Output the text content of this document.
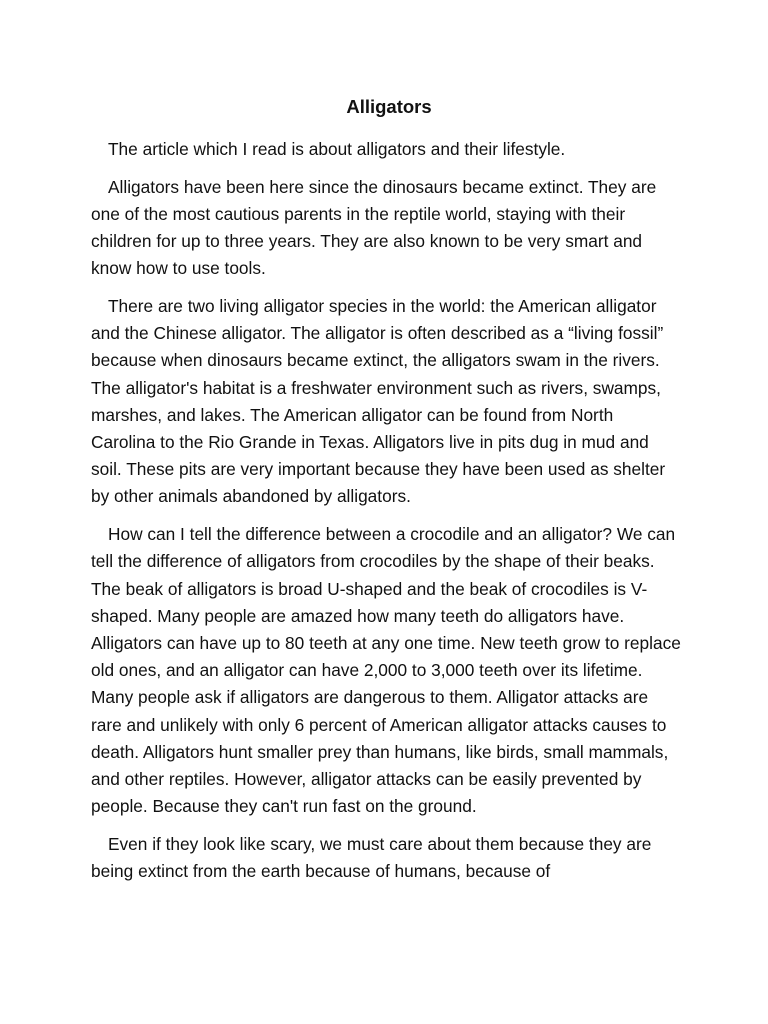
Alligators

The article which I read is about alligators and their lifestyle.

Alligators have been here since the dinosaurs became extinct. They are one of the most cautious parents in the reptile world, staying with their children for up to three years. They are also known to be very smart and know how to use tools.

There are two living alligator species in the world: the American alligator and the Chinese alligator. The alligator is often described as a “living fossil” because when dinosaurs became extinct, the alligators swam in the rivers. The alligator's habitat is a freshwater environment such as rivers, swamps, marshes, and lakes. The American alligator can be found from North Carolina to the Rio Grande in Texas. Alligators live in pits dug in mud and soil. These pits are very important because they have been used as shelter by other animals abandoned by alligators.

How can I tell the difference between a crocodile and an alligator? We can tell the difference of alligators from crocodiles by the shape of their beaks. The beak of alligators is broad U-shaped and the beak of crocodiles is V-shaped. Many people are amazed how many teeth do alligators have. Alligators can have up to 80 teeth at any one time. New teeth grow to replace old ones, and an alligator can have 2,000 to 3,000 teeth over its lifetime. Many people ask if alligators are dangerous to them. Alligator attacks are rare and unlikely with only 6 percent of American alligator attacks causes to death. Alligators hunt smaller prey than humans, like birds, small mammals, and other reptiles. However, alligator attacks can be easily prevented by people. Because they can't run fast on the ground.

Even if they look like scary, we must care about them because they are being extinct from the earth because of humans, because of
